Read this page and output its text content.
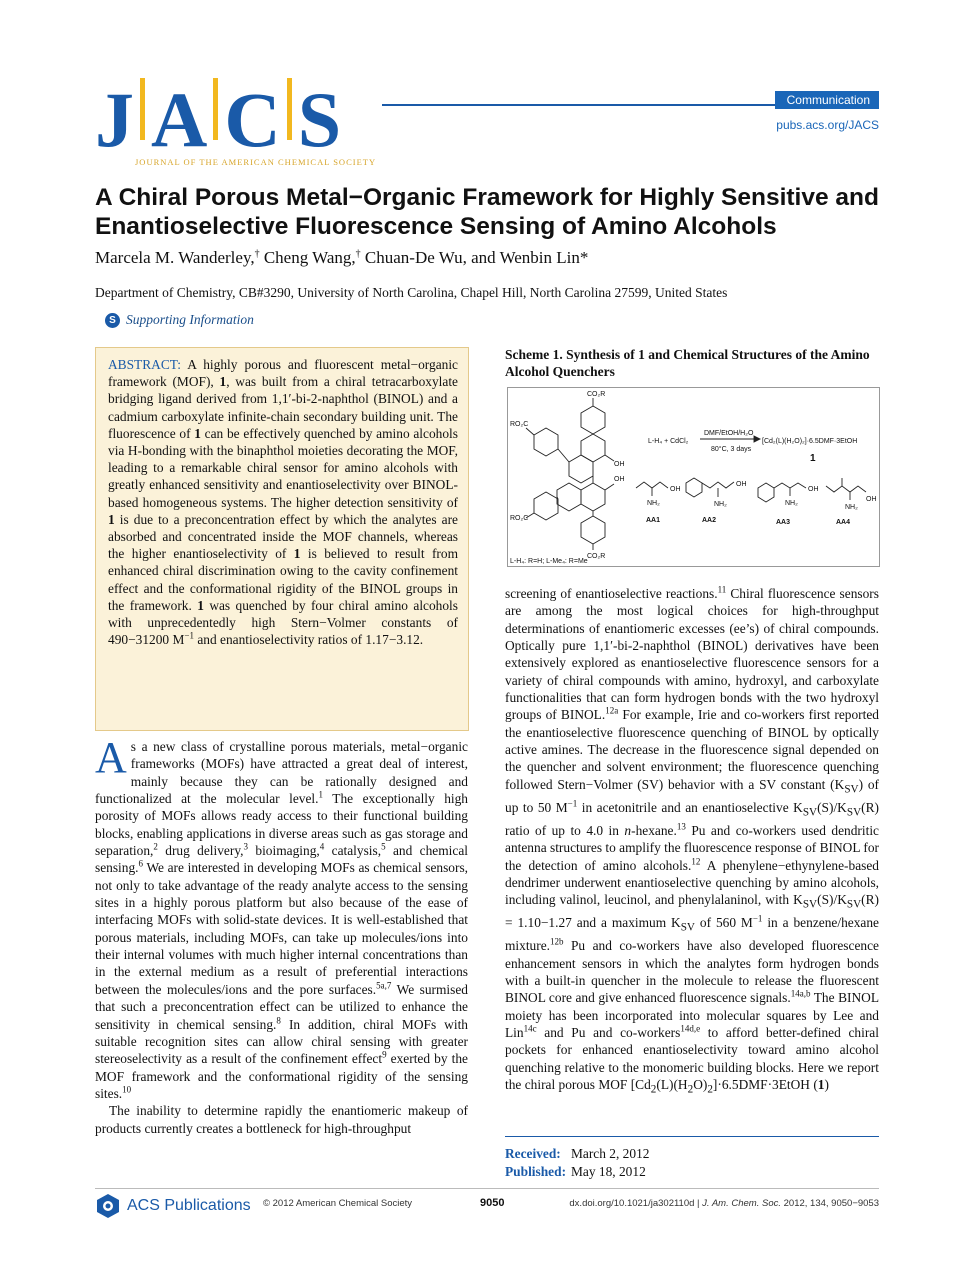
J A C S
JOURNAL OF THE AMERICAN CHEMICAL SOCIETY
Communication
pubs.acs.org/JACS
A Chiral Porous Metal−Organic Framework for Highly Sensitive and Enantioselective Fluorescence Sensing of Amino Alcohols
Marcela M. Wanderley,† Cheng Wang,† Chuan-De Wu, and Wenbin Lin*
Department of Chemistry, CB#3290, University of North Carolina, Chapel Hill, North Carolina 27599, United States
S Supporting Information
ABSTRACT: A highly porous and fluorescent metal−organic framework (MOF), 1, was built from a chiral tetracarboxylate bridging ligand derived from 1,1′-bi-2-naphthol (BINOL) and a cadmium carboxylate infinite-chain secondary building unit. The fluorescence of 1 can be effectively quenched by amino alcohols via H-bonding with the binaphthol moieties decorating the MOF, leading to a remarkable chiral sensor for amino alcohols with greatly enhanced sensitivity and enantioselectivity over BINOL-based homogeneous systems. The higher detection sensitivity of 1 is due to a preconcentration effect by which the analytes are absorbed and concentrated inside the MOF channels, whereas the higher enantioselectivity of 1 is believed to result from enhanced chiral discrimination owing to the cavity confinement effect and the conformational rigidity of the BINOL groups in the framework. 1 was quenched by four chiral amino alcohols with unprecedentedly high Stern−Volmer constants of 490−31200 $M^{-1}$ and enantioselectivity ratios of 1.17−3.12.
As a new class of crystalline porous materials, metal−organic frameworks (MOFs) have attracted a great deal of interest, mainly because they can be rationally designed and functionalized at the molecular level.$^1$ The exceptionally high porosity of MOFs allows ready access to their functional building blocks, enabling applications in diverse areas such as gas storage and separation,$^2$ drug delivery,$^3$ bioimaging,$^4$ catalysis,$^5$ and chemical sensing.$^6$ We are interested in developing MOFs as chemical sensors, not only to take advantage of the ready analyte access to the sensing sites in a highly porous platform but also because of the ease of interfacing MOFs with solid-state devices. It is well-established that porous materials, including MOFs, can take up molecules/ions into their internal volumes with much higher internal concentrations than in the external medium as a result of preferential interactions between the molecules/ions and the pore surfaces.$^{5a,7}$ We surmised that such a preconcentration effect can be utilized to enhance the sensitivity in chemical sensing.$^8$ In addition, chiral MOFs with suitable recognition sites can allow chiral sensing with greater stereoselectivity as a result of the confinement effect$^9$ exerted by the MOF framework and the conformational rigidity of the sensing sites.$^{10}$
The inability to determine rapidly the enantiomeric makeup of products currently creates a bottleneck for high-throughput
Scheme 1. Synthesis of 1 and Chemical Structures of the Amino Alcohol Quenchers
CO₂R
RO₂C
OH
OH
RO₂C
CO₂R
L-H₄: R=H; L-Me₄: R=Me
L-H₄ + CdCl₂
DMF/EtOH/H₂O
80°C, 3 days
[Cd₂(L)(H₂O)₂]·6.5DMF·3EtOH
1
OH
NH₂
OH
NH₂
OH
NH₂
OH
NH₂
AA1	AA2	AA3	AA4
screening of enantioselective reactions.$^{11}$ Chiral fluorescence sensors are among the most logical choices for high-throughput determinations of enantiomeric excesses (ee’s) of chiral compounds. Optically pure 1,1′-bi-2-naphthol (BINOL) derivatives have been extensively explored as enantioselective fluorescence sensors for a variety of chiral compounds with amino, hydroxyl, and carboxylate functionalities that can form hydrogen bonds with the two hydroxyl groups of BINOL.$^{12a}$ For example, Irie and co-workers first reported the enantioselective fluorescence quenching of BINOL by optically active amines. The decrease in the fluorescence signal depended on the quencher and solvent environment; the fluorescence quenching followed Stern−Volmer (SV) behavior with a SV constant $(K_{SV})$ of up to 50 $M^{-1}$ in acetonitrile and an enantioselective $K_{SV}(S)/K_{SV}(R)$ ratio of up to 4.0 in n-hexane.$^{13}$ Pu and co-workers used dendritic antenna structures to amplify the fluorescence response of BINOL for the detection of amino alcohols.$^{12}$ A phenylene−ethynylene-based dendrimer underwent enantioselective quenching by amino alcohols, including valinol, leucinol, and phenylalaninol, with $K_{SV}(S)/K_{SV}(R) = 1.10-1.27$ and a maximum $K_{SV}$ of 560 $M^{-1}$ in a benzene/hexane mixture.$^{12b}$ Pu and co-workers have also developed fluorescence enhancement sensors in which the analytes form hydrogen bonds with a built-in quencher in the molecule to release the fluorescent BINOL core and give enhanced fluorescence signals.$^{14a,b}$ The BINOL moiety has been incorporated into molecular squares by Lee and Lin$^{14c}$ and Pu and co-workers$^{14d,e}$ to afford better-defined chiral pockets for enhanced enantioselectivity toward amino alcohol quenching relative to the monomeric building blocks. Here we report the chiral porous MOF $[Cd_2(L)(H_2O)_2]\cdot 6.5DMF\cdot 3EtOH$ (1)
Received: March 2, 2012
Published: May 18, 2012
ACS Publications © 2012 American Chemical Society	9050	dx.doi.org/10.1021/ja302110d | J. Am. Chem. Soc. 2012, 134, 9050−9053
